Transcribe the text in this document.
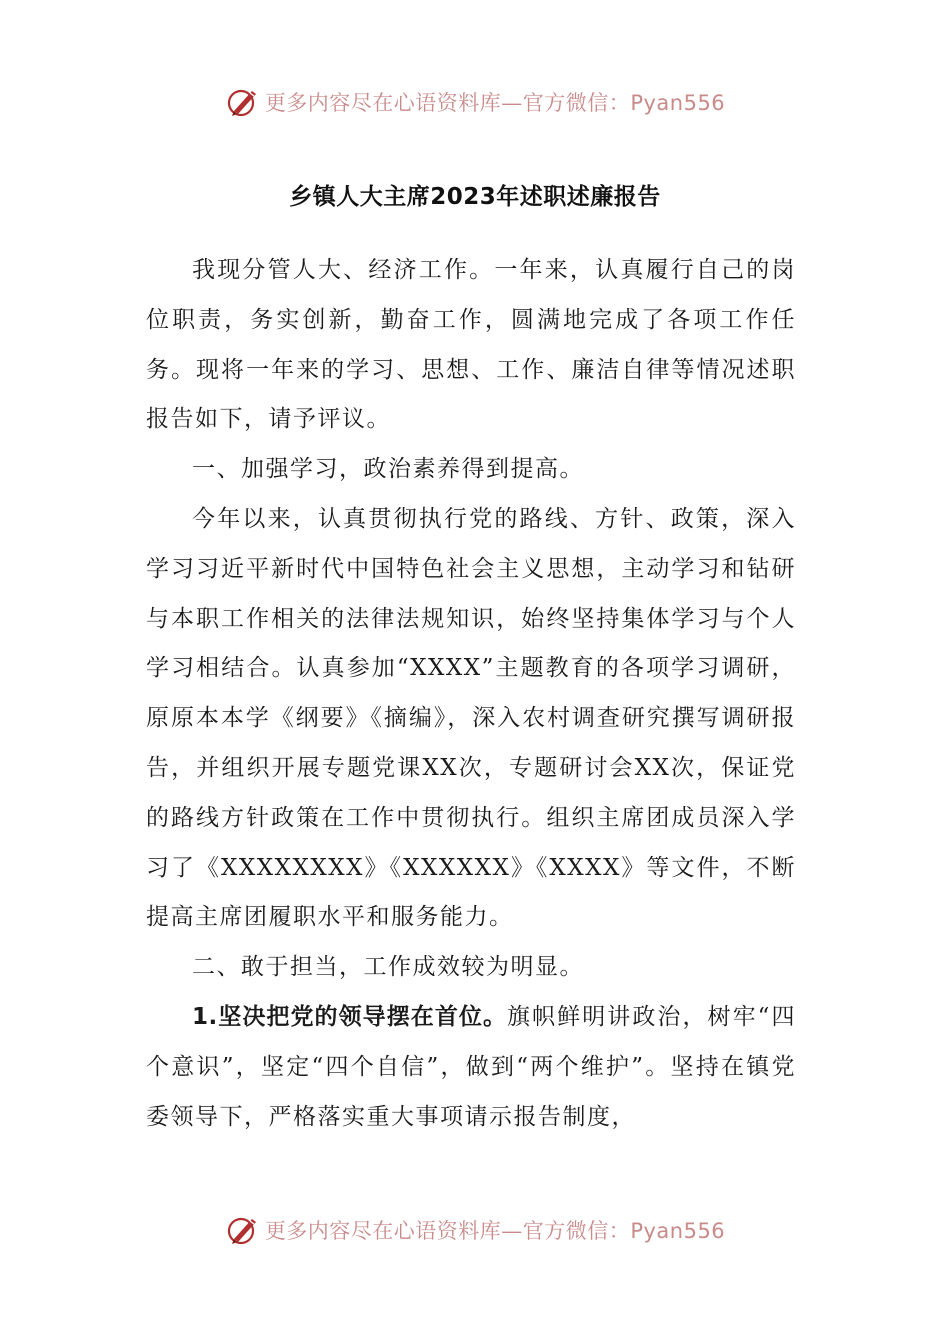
更多内容尽在心语资料库—官方微信：Pyan556
乡镇人大主席2023年述职述廉报告

我现分管人大、经济工作。一年来，认真履行自己的岗位职责，务实创新，勤奋工作，圆满地完成了各项工作任务。现将一年来的学习、思想、工作、廉洁自律等情况述职报告如下，请予评议。

一、加强学习，政治素养得到提高。

今年以来，认真贯彻执行党的路线、方针、政策，深入学习习近平新时代中国特色社会主义思想，主动学习和钻研与本职工作相关的法律法规知识，始终坚持集体学习与个人学习相结合。认真参加“XXXX”主题教育的各项学习调研，原原本本学《纲要》《摘编》，深入农村调查研究撰写调研报告，并组织开展专题党课XX次，专题研讨会XX次，保证党的路线方针政策在工作中贯彻执行。组织主席团成员深入学习了《XXXXXXXX》《XXXXXX》《XXXX》等文件，不断提高主席团履职水平和服务能力。

二、敢于担当，工作成效较为明显。

1.坚决把党的领导摆在首位。旗帜鲜明讲政治，树牢“四个意识”，坚定“四个自信”，做到“两个维护”。坚持在镇党委领导下，严格落实重大事项请示报告制度，

更多内容尽在心语资料库—官方微信：Pyan556
